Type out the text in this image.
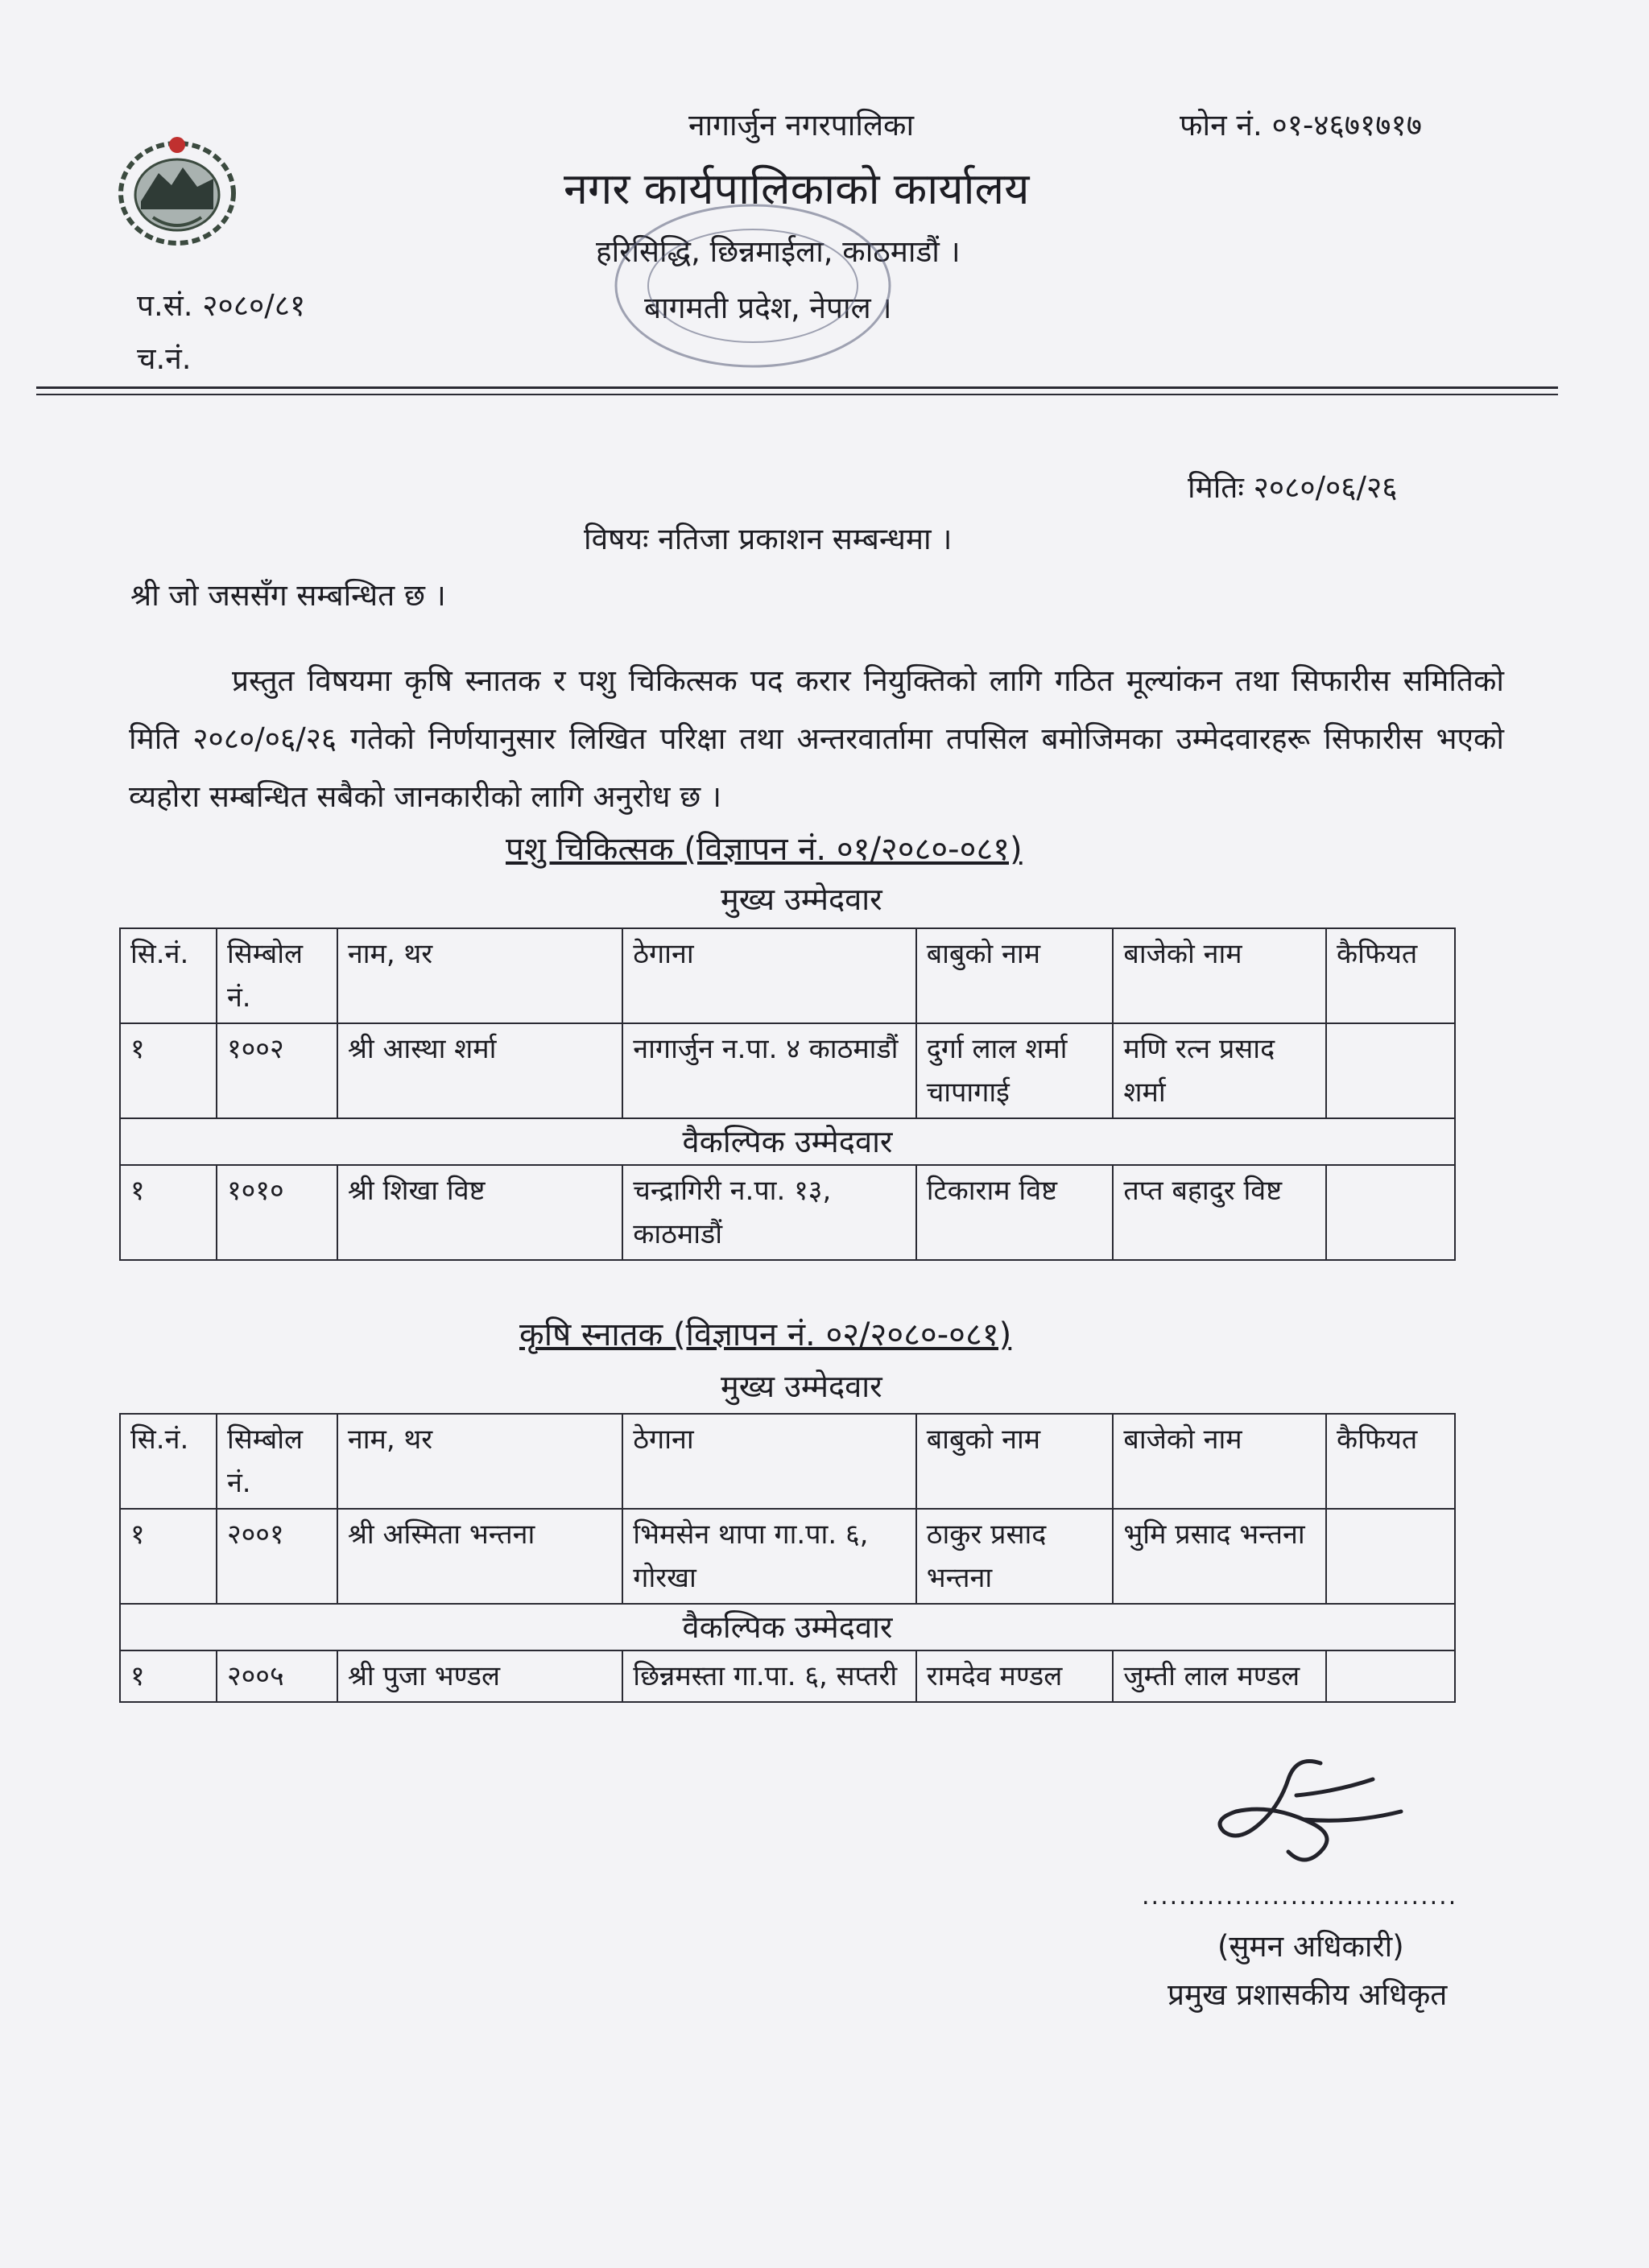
नागार्जुन नगरपालिका	फोन नं. ०१-४६७१७१७
नगर कार्यपालिकाको कार्यालय
हरिसिद्धि, छिन्नमाईला, काठमाडौं ।
बागमती प्रदेश, नेपाल ।
प.सं. २०८०/८१
च.नं.
मितिः २०८०/०६/२६
विषयः नतिजा प्रकाशन सम्बन्धमा ।
श्री जो जससँग सम्बन्धित छ ।

प्रस्तुत विषयमा कृषि स्नातक र पशु चिकित्सक पद करार नियुक्तिको लागि गठित मूल्यांकन तथा सिफारीस समितिको मिति २०८०/०६/२६ गतेको निर्णयानुसार लिखित परिक्षा तथा अन्तरवार्तामा तपसिल बमोजिमका उम्मेदवारहरू सिफारीस भएको व्यहोरा सम्बन्धित सबैको जानकारीको लागि अनुरोध छ ।

पशु चिकित्सक (विज्ञापन नं. ०१/२०८०-०८१)
मुख्य उम्मेदवार
सि.नं.	सिम्बोल नं.	नाम, थर	ठेगाना	बाबुको नाम	बाजेको नाम	कैफियत
१	१००२	श्री आस्था शर्मा	नागार्जुन न.पा. ४ काठमाडौं	दुर्गा लाल शर्मा चापागाई	मणि रत्न प्रसाद शर्मा	
वैकल्पिक उम्मेदवार						
१	१०१०	श्री शिखा विष्ट	चन्द्रागिरी न.पा. १३, काठमाडौं	टिकाराम विष्ट	तप्त बहादुर विष्ट	
कृषि स्नातक (विज्ञापन नं. ०२/२०८०-०८१)
मुख्य उम्मेदवार
सि.नं.	सिम्बोल नं.	नाम, थर	ठेगाना	बाबुको नाम	बाजेको नाम	कैफियत
१	२००१	श्री अस्मिता भन्तना	भिमसेन थापा गा.पा. ६, गोरखा	ठाकुर प्रसाद भन्तना	भुमि प्रसाद भन्तना	
वैकल्पिक उम्मेदवार						
१	२००५	श्री पुजा भण्डल	छिन्नमस्ता गा.पा. ६, सप्तरी	रामदेव मण्डल	जुम्ती लाल मण्डल	
..................................
(सुमन अधिकारी)
प्रमुख प्रशासकीय अधिकृत
